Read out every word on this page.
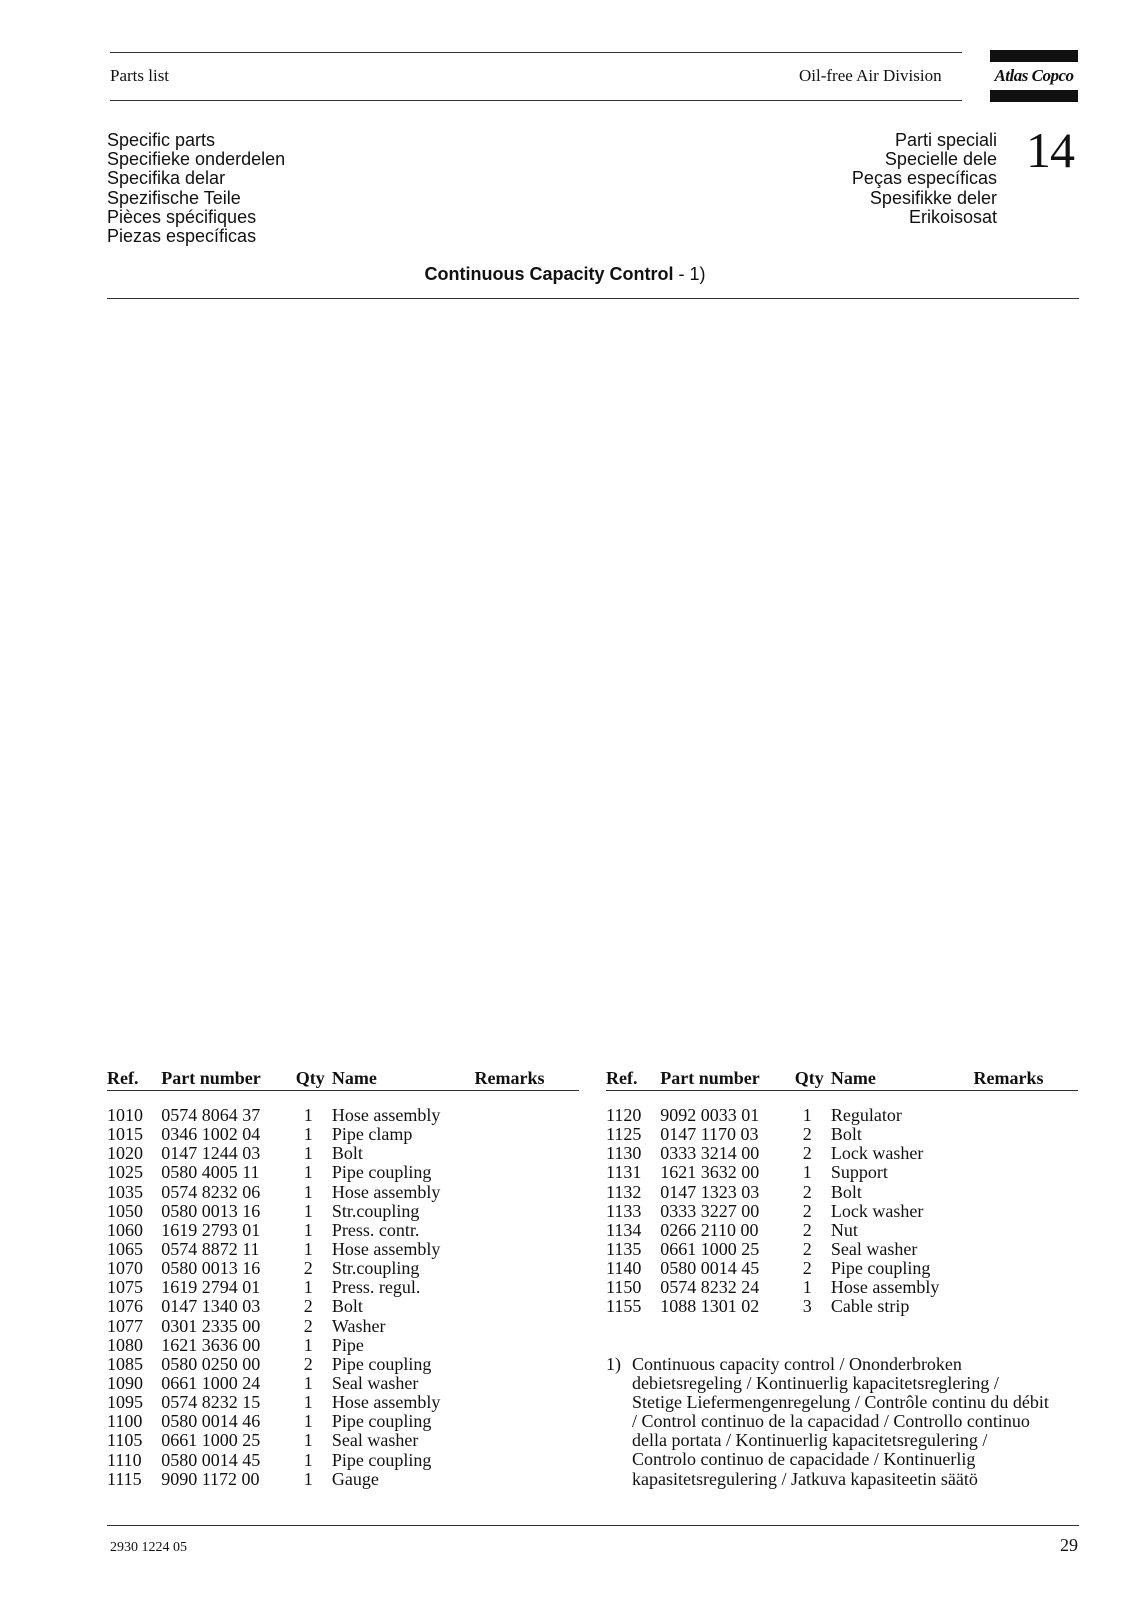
Parts list	Oil-free Air Division	Atlas Copco
Specific parts
Specifieke onderdelen
Specifika delar
Spezifische Teile
Pièces spécifiques
Piezas específicas
Parti speciali
Specielle dele
Peças específicas
Spesifikke deler
Erikoisosat
14
Continuous Capacity Control - 1)
Ref.	Part number	Qty	Name	Remarks

1010	0574 8064 37	1	Hose assembly	
1015	0346 1002 04	1	Pipe clamp	
1020	0147 1244 03	1	Bolt	
1025	0580 4005 11	1	Pipe coupling	
1035	0574 8232 06	1	Hose assembly	
1050	0580 0013 16	1	Str.coupling	
1060	1619 2793 01	1	Press. contr.	
1065	0574 8872 11	1	Hose assembly	
1070	0580 0013 16	2	Str.coupling	
1075	1619 2794 01	1	Press. regul.	
1076	0147 1340 03	2	Bolt	
1077	0301 2335 00	2	Washer	
1080	1621 3636 00	1	Pipe	
1085	0580 0250 00	2	Pipe coupling	
1090	0661 1000 24	1	Seal washer	
1095	0574 8232 15	1	Hose assembly	
1100	0580 0014 46	1	Pipe coupling	
1105	0661 1000 25	1	Seal washer	
1110	0580 0014 45	1	Pipe coupling	
1115	9090 1172 00	1	Gauge	
Ref.	Part number	Qty	Name	Remarks

1120	9092 0033 01	1	Regulator	
1125	0147 1170 03	2	Bolt	
1130	0333 3214 00	2	Lock washer	
1131	1621 3632 00	1	Support	
1132	0147 1323 03	2	Bolt	
1133	0333 3227 00	2	Lock washer	
1134	0266 2110 00	2	Nut	
1135	0661 1000 25	2	Seal washer	
1140	0580 0014 45	2	Pipe coupling	
1150	0574 8232 24	1	Hose assembly	
1155	1088 1301 02	3	Cable strip	
1) Continuous capacity control / Ononderbroken
debietsregeling / Kontinuerlig kapacitetsreglering /
Stetige Liefermengenregelung / Contrôle continu du débit
/ Control continuo de la capacidad / Controllo continuo
della portata / Kontinuerlig kapacitetsregulering /
Controlo continuo de capacidade / Kontinuerlig
kapasitetsregulering / Jatkuva kapasiteetin säätö
2930 1224 05	29
